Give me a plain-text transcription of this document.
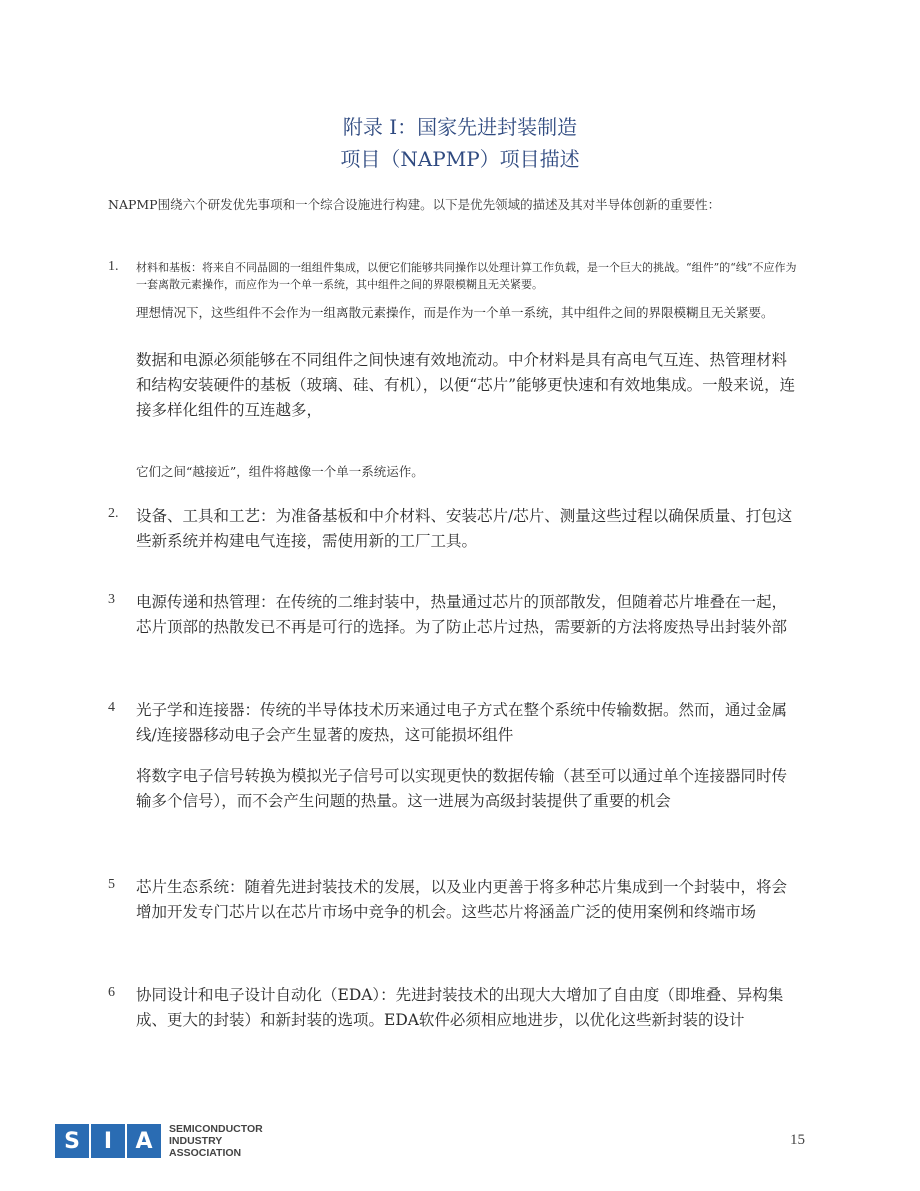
附录 I：国家先进封装制造
项目（NAPMP）项目描述
NAPMP围绕六个研发优先事项和一个综合设施进行构建。以下是优先领域的描述及其对半导体创新的重要性：
1. 材料和基板：将来自不同晶圆的一组组件集成，以便它们能够共同操作以处理计算工作负载，是一个巨大的挑战。“组件”的“线”不应作为一套离散元素操作，而应作为一个单一系统，其中组件之间的界限模糊且无关紧要。
理想情况下，这些组件不会作为一组离散元素操作，而是作为一个单一系统，其中组件之间的界限模糊且无关紧要。
数据和电源必须能够在不同组件之间快速有效地流动。中介材料是具有高电气互连、热管理材料和结构安装硬件的基板（玻璃、硅、有机），以便“芯片”能够更快速和有效地集成。一般来说，连接多样化组件的互连越多，
它们之间“越接近”，组件将越像一个单一系统运作。
2. 设备、工具和工艺：为准备基板和中介材料、安装芯片/芯片、测量这些过程以确保质量、打包这些新系统并构建电气连接，需使用新的工厂工具。
3 电源传递和热管理：在传统的二维封装中，热量通过芯片的顶部散发，但随着芯片堆叠在一起，芯片顶部的热散发已不再是可行的选择。为了防止芯片过热，需要新的方法将废热导出封装外部
4 光子学和连接器：传统的半导体技术历来通过电子方式在整个系统中传输数据。然而，通过金属线/连接器移动电子会产生显著的废热，这可能损坏组件
将数字电子信号转换为模拟光子信号可以实现更快的数据传输（甚至可以通过单个连接器同时传输多个信号），而不会产生问题的热量。这一进展为高级封装提供了重要的机会
5 芯片生态系统：随着先进封装技术的发展，以及业内更善于将多种芯片集成到一个封装中，将会增加开发专门芯片以在芯片市场中竞争的机会。这些芯片将涵盖广泛的使用案例和终端市场
6 协同设计和电子设计自动化（EDA）：先进封装技术的出现大大增加了自由度（即堆叠、异构集成、更大的封装）和新封装的选项。EDA软件必须相应地进步，以优化这些新封装的设计
S	I	A	SEMICONDUCTOR
INDUSTRY
ASSOCIATION
15
